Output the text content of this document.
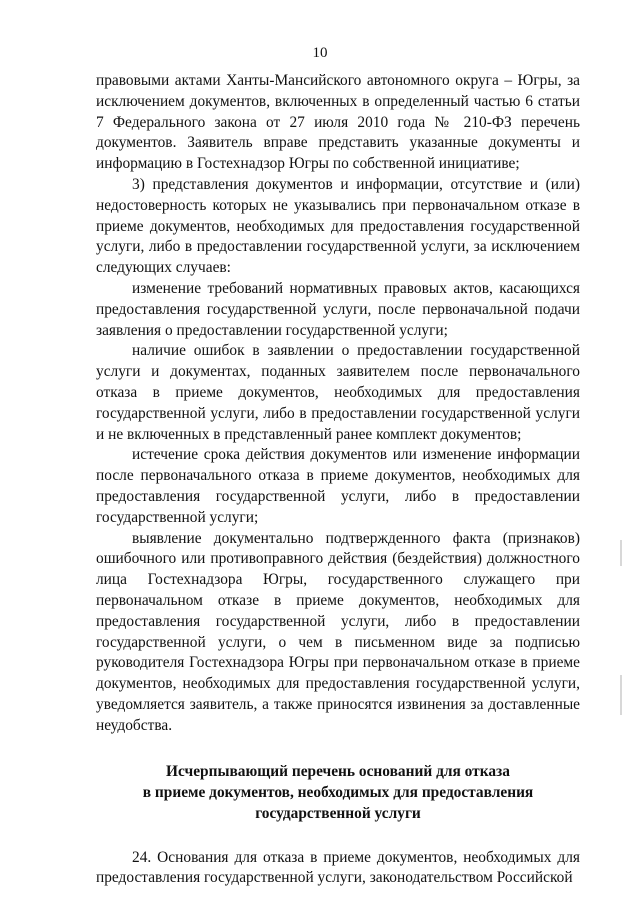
10

правовыми актами Ханты-Мансийского автономного округа – Югры, за исключением документов, включенных в определенный частью 6 статьи 7 Федерального закона от 27 июля 2010 года № 210-ФЗ перечень документов. Заявитель вправе представить указанные документы и информацию в Гостехнадзор Югры по собственной инициативе;

3) представления документов и информации, отсутствие и (или) недостоверность которых не указывались при первоначальном отказе в приеме документов, необходимых для предоставления государственной услуги, либо в предоставлении государственной услуги, за исключением следующих случаев:

изменение требований нормативных правовых актов, касающихся предоставления государственной услуги, после первоначальной подачи заявления о предоставлении государственной услуги;

наличие ошибок в заявлении о предоставлении государственной услуги и документах, поданных заявителем после первоначального отказа в приеме документов, необходимых для предоставления государственной услуги, либо в предоставлении государственной услуги и не включенных в представленный ранее комплект документов;

истечение срока действия документов или изменение информации после первоначального отказа в приеме документов, необходимых для предоставления государственной услуги, либо в предоставлении государственной услуги;

выявление документально подтвержденного факта (признаков) ошибочного или противоправного действия (бездействия) должностного лица Гостехнадзора Югры, государственного служащего при первоначальном отказе в приеме документов, необходимых для предоставления государственной услуги, либо в предоставлении государственной услуги, о чем в письменном виде за подписью руководителя Гостехнадзора Югры при первоначальном отказе в приеме документов, необходимых для предоставления государственной услуги, уведомляется заявитель, а также приносятся извинения за доставленные неудобства.

Исчерпывающий перечень оснований для отказа
в приеме документов, необходимых для предоставления
государственной услуги

24. Основания для отказа в приеме документов, необходимых для предоставления государственной услуги, законодательством Российской
